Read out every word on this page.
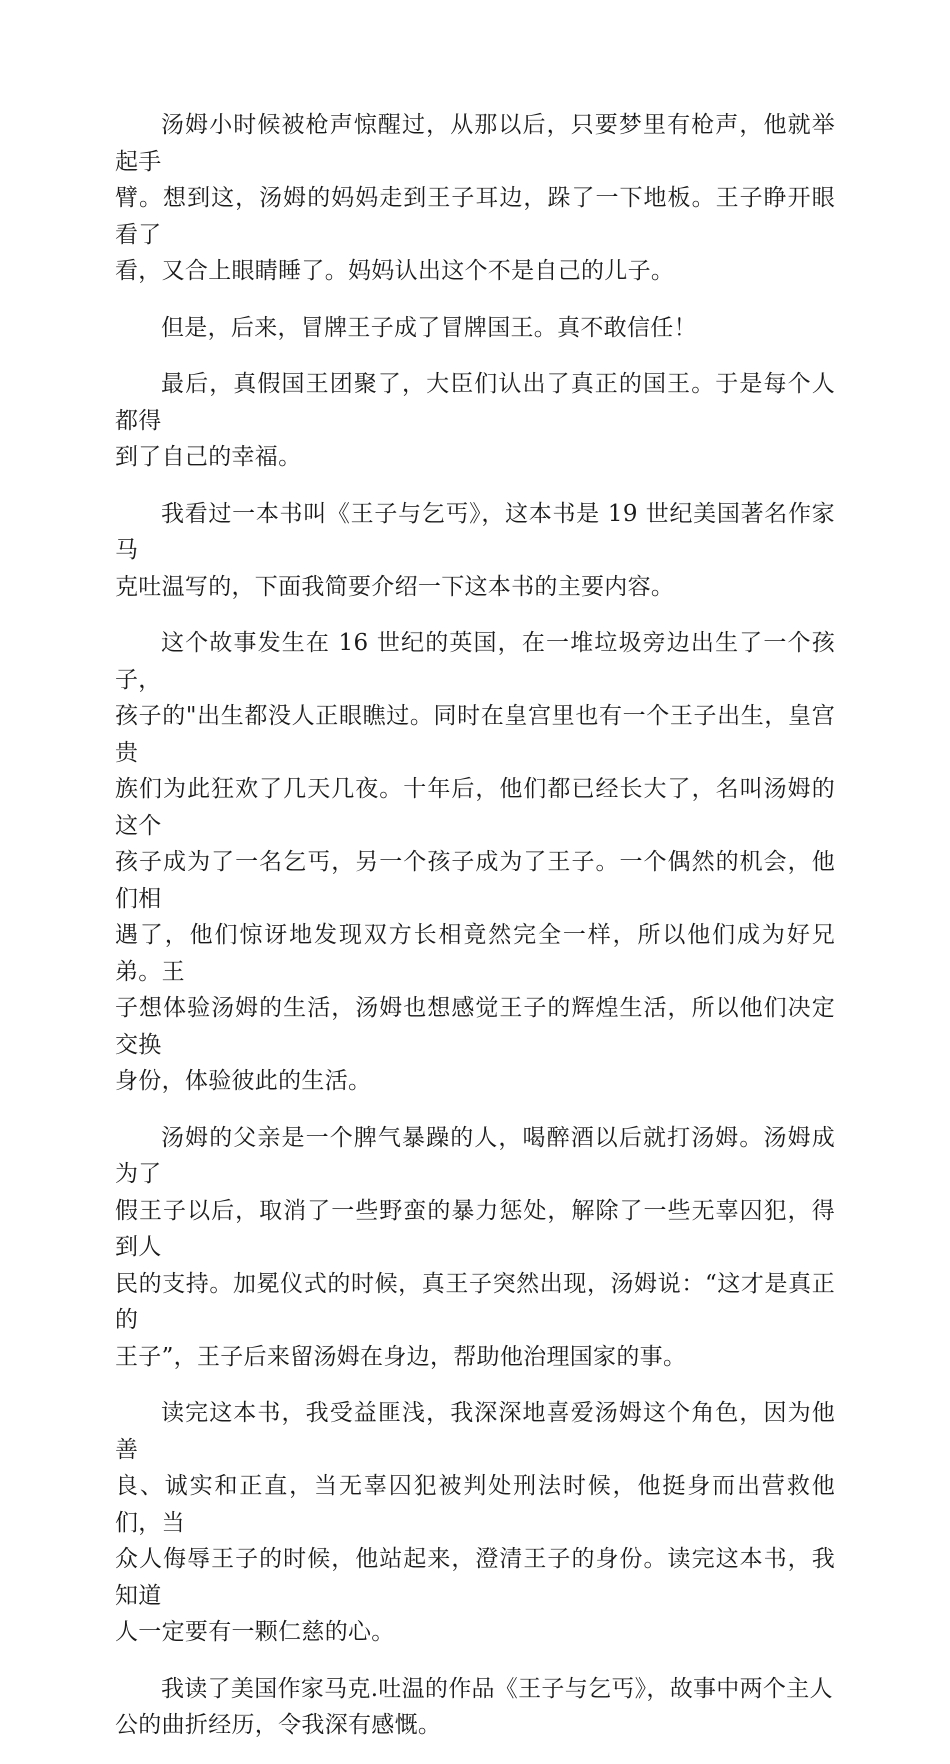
汤姆小时候被枪声惊醒过，从那以后，只要梦里有枪声，他就举起手
臂。想到这，汤姆的妈妈走到王子耳边，跺了一下地板。王子睁开眼看了
看，又合上眼睛睡了。妈妈认出这个不是自己的儿子。

但是，后来，冒牌王子成了冒牌国王。真不敢信任！

最后，真假国王团聚了，大臣们认出了真正的国王。于是每个人都得
到了自己的幸福。

我看过一本书叫《王子与乞丐》，这本书是 19 世纪美国著名作家马
克吐温写的，下面我简要介绍一下这本书的主要内容。

这个故事发生在 16 世纪的英国，在一堆垃圾旁边出生了一个孩子，
孩子的"出生都没人正眼瞧过。同时在皇宫里也有一个王子出生，皇宫贵
族们为此狂欢了几天几夜。十年后，他们都已经长大了，名叫汤姆的这个
孩子成为了一名乞丐，另一个孩子成为了王子。一个偶然的机会，他们相
遇了，他们惊讶地发现双方长相竟然完全一样，所以他们成为好兄弟。王
子想体验汤姆的生活，汤姆也想感觉王子的辉煌生活，所以他们决定交换
身份，体验彼此的生活。

汤姆的父亲是一个脾气暴躁的人，喝醉酒以后就打汤姆。汤姆成为了
假王子以后，取消了一些野蛮的暴力惩处，解除了一些无辜囚犯，得到人
民的支持。加冕仪式的时候，真王子突然出现，汤姆说：“这才是真正的
王子”，王子后来留汤姆在身边，帮助他治理国家的事。

读完这本书，我受益匪浅，我深深地喜爱汤姆这个角色，因为他善
良、诚实和正直，当无辜囚犯被判处刑法时候，他挺身而出营救他们，当
众人侮辱王子的时候，他站起来，澄清王子的身份。读完这本书，我知道
人一定要有一颗仁慈的心。

我读了美国作家马克.吐温的作品《王子与乞丐》，故事中两个主人
公的曲折经历，令我深有感慨。
